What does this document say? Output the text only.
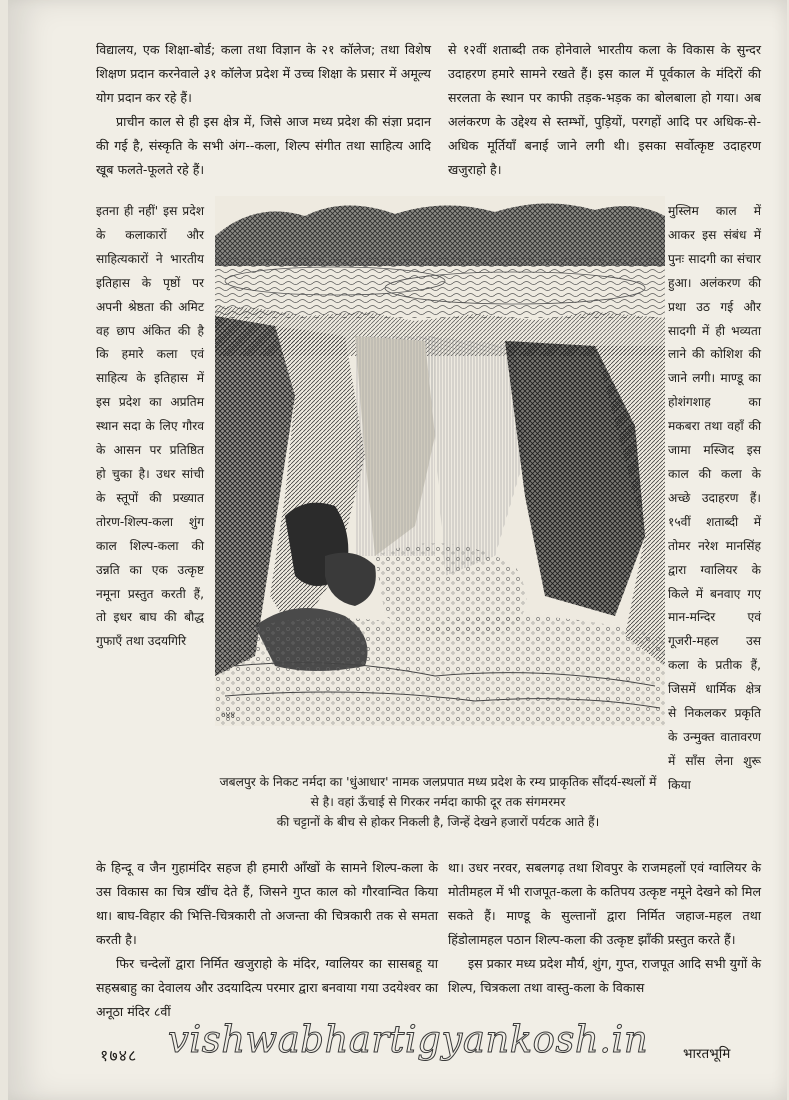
विद्यालय, एक शिक्षा-बोर्ड; कला तथा विज्ञान के २१ कॉलेज; तथा विशेष शिक्षण प्रदान करनेवाले ३१ कॉलेज प्रदेश में उच्च शिक्षा के प्रसार में अमूल्य योग प्रदान कर रहे हैं।

प्राचीन काल से ही इस क्षेत्र में, जिसे आज मध्य प्रदेश की संज्ञा प्रदान की गई है, संस्कृति के सभी अंग--कला, शिल्प संगीत तथा साहित्य आदि खूब फलते-फूलते रहे हैं।

से १२वीं शताब्दी तक होनेवाले भारतीय कला के विकास के सुन्दर उदाहरण हमारे सामने रखते हैं। इस काल में पूर्वकाल के मंदिरों की सरलता के स्थान पर काफी तड़क-भड़क का बोलबाला हो गया। अब अलंकरण के उद्देश्य से स्तम्भों, पुड़ियों, परगहों आदि पर अधिक-से-अधिक मूर्तियाँ बनाई जाने लगी थी। इसका सर्वोत्कृष्ट उदाहरण खजुराहो है।

इतना ही नहीं' इस प्रदेश के कलाकारों और साहित्यकारों ने भारतीय इतिहास के पृष्ठों पर अपनी श्रेष्ठता की अमिट वह छाप अंकित की है कि हमारे कला एवं साहित्य के इतिहास में इस प्रदेश का अप्रतिम स्थान सदा के लिए गौरव के आसन पर प्रतिष्ठित हो चुका है। उधर सांची के स्तूपों की प्रख्यात तोरण-शिल्प-कला शुंग काल शिल्प-कला की उन्नति का एक उत्कृष्ट नमूना प्रस्तुत करती हैं, तो इधर बाघ की बौद्ध गुफाएँ तथा उदयगिरि

मुस्लिम काल में आकर इस संबंध में पुनः सादगी का संचार हुआ। अलंकरण की प्रथा उठ गई और सादगी में ही भव्यता लाने की कोशिश की जाने लगी। माण्डू का होशंगशाह का मकबरा तथा वहाँ की जामा मस्जिद इस काल की कला के अच्छे उदाहरण हैं। १५वीं शताब्दी में तोमर नरेश मानसिंह द्वारा ग्वालियर के किले में बनवाए गए मान-मन्दिर एवं गूजरी-महल उस कला के प्रतीक हैं, जिसमें धार्मिक क्षेत्र से निकलकर प्रकृति के उन्मुक्त वातावरण में साँस लेना शुरू किया

०४४

जबलपुर के निकट नर्मदा का 'धुंआधार' नामक जलप्रपात मध्य प्रदेश के रम्य प्राकृतिक सौंदर्य-स्थलों में से है। वहां ऊँचाई से गिरकर नर्मदा काफी दूर तक संगमरमर

की चट्टानों के बीच से होकर निकली है, जिन्हें देखने हजारों पर्यटक आते हैं।

के हिन्दू व जैन गुहामंदिर सहज ही हमारी आँखों के सामने शिल्प-कला के उस विकास का चित्र खींच देते हैं, जिसने गुप्त काल को गौरवान्वित किया था। बाघ-विहार की भित्ति-चित्रकारी तो अजन्ता की चित्रकारी तक से समता करती है।

फिर चन्देलों द्वारा निर्मित खजुराहो के मंदिर, ग्वालियर का सासबहू या सहस्रबाहु का देवालय और उदयादित्य परमार द्वारा बनवाया गया उदयेश्वर का अनूठा मंदिर ८वीं

था। उधर नरवर, सबलगढ़ तथा शिवपुर के राजमहलों एवं ग्वालियर के मोतीमहल में भी राजपूत-कला के कतिपय उत्कृष्ट नमूने देखने को मिल सकते हैं। माण्डू के सुल्तानों द्वारा निर्मित जहाज-महल तथा हिंडोलामहल पठान शिल्प-कला की उत्कृष्ट झाँकी प्रस्तुत करते हैं।

इस प्रकार मध्य प्रदेश मौर्य, शुंग, गुप्त, राजपूत आदि सभी युगों के शिल्प, चित्रकला तथा वास्तु-कला के विकास

vishwabhartigyankosh.in
१७४८	भारतभूमि
